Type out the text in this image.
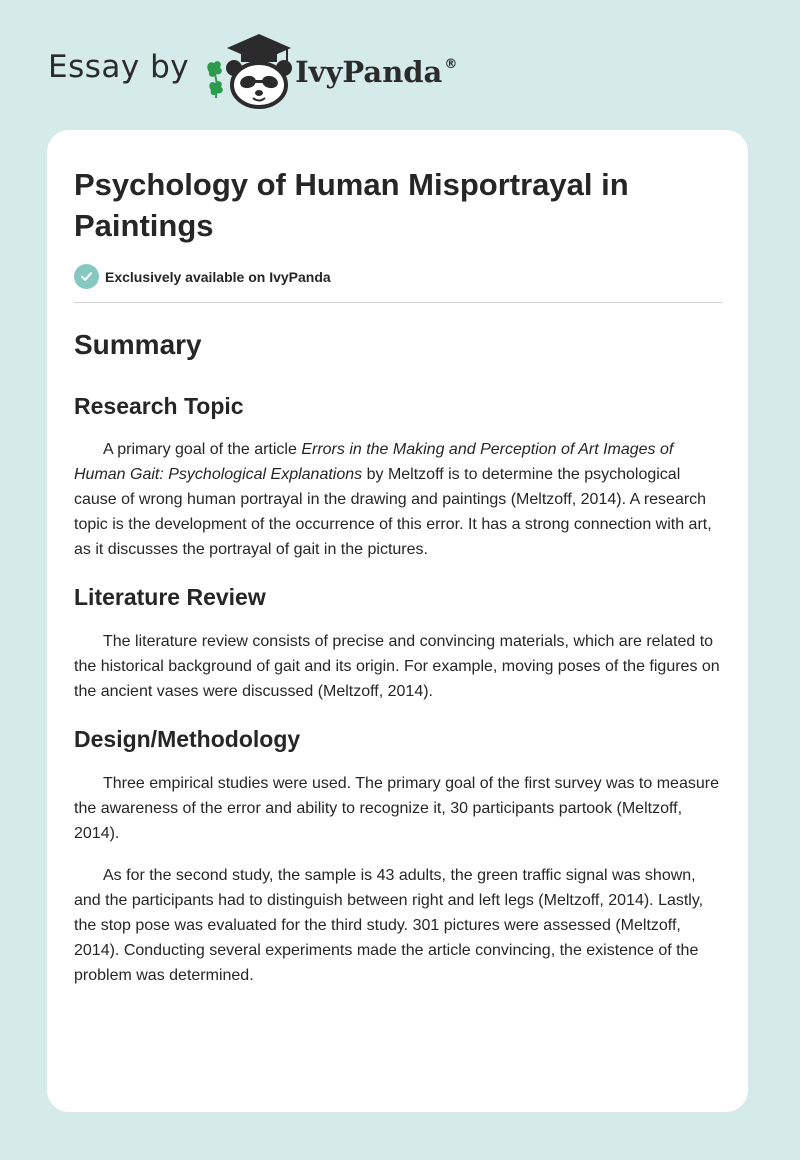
Essay by	IvyPanda ®
Psychology of Human Misportrayal in Paintings
Exclusively available on IvyPanda
Summary
Research Topic

A primary goal of the article Errors in the Making and Perception of Art Images of Human Gait: Psychological Explanations by Meltzoff is to determine the psychological cause of wrong human portrayal in the drawing and paintings (Meltzoff, 2014). A research topic is the development of the occurrence of this error. It has a strong connection with art, as it discusses the portrayal of gait in the pictures.

Literature Review

The literature review consists of precise and convincing materials, which are related to the historical background of gait and its origin. For example, moving poses of the figures on the ancient vases were discussed (Meltzoff, 2014).

Design/Methodology

Three empirical studies were used. The primary goal of the first survey was to measure the awareness of the error and ability to recognize it, 30 participants partook (Meltzoff, 2014).

As for the second study, the sample is 43 adults, the green traffic signal was shown, and the participants had to distinguish between right and left legs (Meltzoff, 2014). Lastly, the stop pose was evaluated for the third study. 301 pictures were assessed (Meltzoff, 2014). Conducting several experiments made the article convincing, the existence of the problem was determined.
